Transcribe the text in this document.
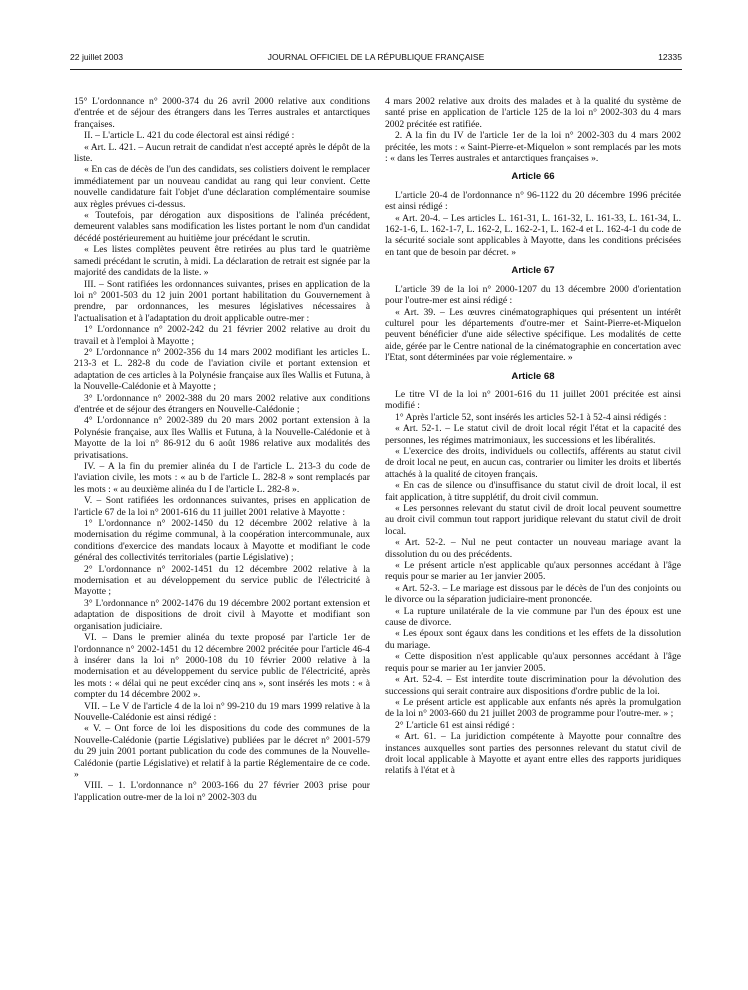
22 juillet 2003	JOURNAL OFFICIEL DE LA RÉPUBLIQUE FRANÇAISE	12335

15° L'ordonnance n° 2000-374 du 26 avril 2000 relative aux conditions d'entrée et de séjour des étrangers dans les Terres australes et antarctiques françaises.

II. – L'article L. 421 du code électoral est ainsi rédigé :

« Art. L. 421. – Aucun retrait de candidat n'est accepté après le dépôt de la liste.

« En cas de décès de l'un des candidats, ses colistiers doivent le remplacer immédiatement par un nouveau candidat au rang qui leur convient. Cette nouvelle candidature fait l'objet d'une déclaration complémentaire soumise aux règles prévues ci-dessus.

« Toutefois, par dérogation aux dispositions de l'alinéa précédent, demeurent valables sans modification les listes portant le nom d'un candidat décédé postérieurement au huitième jour précédant le scrutin.

« Les listes complètes peuvent être retirées au plus tard le quatrième samedi précédant le scrutin, à midi. La déclaration de retrait est signée par la majorité des candidats de la liste. »

III. – Sont ratifiées les ordonnances suivantes, prises en application de la loi n° 2001-503 du 12 juin 2001 portant habilitation du Gouvernement à prendre, par ordonnances, les mesures législatives nécessaires à l'actualisation et à l'adaptation du droit applicable outre-mer :

1° L'ordonnance n° 2002-242 du 21 février 2002 relative au droit du travail et à l'emploi à Mayotte ;

2° L'ordonnance n° 2002-356 du 14 mars 2002 modifiant les articles L. 213-3 et L. 282-8 du code de l'aviation civile et portant extension et adaptation de ces articles à la Polynésie française aux îles Wallis et Futuna, à la Nouvelle-Calédonie et à Mayotte ;

3° L'ordonnance n° 2002-388 du 20 mars 2002 relative aux conditions d'entrée et de séjour des étrangers en Nouvelle-Calédonie ;

4° L'ordonnance n° 2002-389 du 20 mars 2002 portant extension à la Polynésie française, aux îles Wallis et Futuna, à la Nouvelle-Calédonie et à Mayotte de la loi n° 86-912 du 6 août 1986 relative aux modalités des privatisations.

IV. – A la fin du premier alinéa du I de l'article L. 213-3 du code de l'aviation civile, les mots : « au b de l'article L. 282-8 » sont remplacés par les mots : « au deuxième alinéa du I de l'article L. 282-8 ».

V. – Sont ratifiées les ordonnances suivantes, prises en application de l'article 67 de la loi n° 2001-616 du 11 juillet 2001 relative à Mayotte :

1° L'ordonnance n° 2002-1450 du 12 décembre 2002 relative à la modernisation du régime communal, à la coopération intercommunale, aux conditions d'exercice des mandats locaux à Mayotte et modifiant le code général des collectivités territoriales (partie Législative) ;

2° L'ordonnance n° 2002-1451 du 12 décembre 2002 relative à la modernisation et au développement du service public de l'électricité à Mayotte ;

3° L'ordonnance n° 2002-1476 du 19 décembre 2002 portant extension et adaptation de dispositions de droit civil à Mayotte et modifiant son organisation judiciaire.

VI. – Dans le premier alinéa du texte proposé par l'article 1er de l'ordonnance n° 2002-1451 du 12 décembre 2002 précitée pour l'article 46-4 à insérer dans la loi n° 2000-108 du 10 février 2000 relative à la modernisation et au développement du service public de l'électricité, après les mots : « délai qui ne peut excéder cinq ans », sont insérés les mots : « à compter du 14 décembre 2002 ».

VII. – Le V de l'article 4 de la loi n° 99-210 du 19 mars 1999 relative à la Nouvelle-Calédonie est ainsi rédigé :

« V. – Ont force de loi les dispositions du code des communes de la Nouvelle-Calédonie (partie Législative) publiées par le décret n° 2001-579 du 29 juin 2001 portant publication du code des communes de la Nouvelle-Calédonie (partie Législative) et relatif à la partie Réglementaire de ce code. »

VIII. – 1. L'ordonnance n° 2003-166 du 27 février 2003 prise pour l'application outre-mer de la loi n° 2002-303 du

4 mars 2002 relative aux droits des malades et à la qualité du système de santé prise en application de l'article 125 de la loi n° 2002-303 du 4 mars 2002 précitée est ratifiée.

2. A la fin du IV de l'article 1er de la loi n° 2002-303 du 4 mars 2002 précitée, les mots : « Saint-Pierre-et-Miquelon » sont remplacés par les mots : « dans les Terres australes et antarctiques françaises ».

Article 66

L'article 20-4 de l'ordonnance n° 96-1122 du 20 décembre 1996 précitée est ainsi rédigé :

« Art. 20-4. – Les articles L. 161-31, L. 161-32, L. 161-33, L. 161-34, L. 162-1-6, L. 162-1-7, L. 162-2, L. 162-2-1, L. 162-4 et L. 162-4-1 du code de la sécurité sociale sont applicables à Mayotte, dans les conditions précisées en tant que de besoin par décret. »

Article 67

L'article 39 de la loi n° 2000-1207 du 13 décembre 2000 d'orientation pour l'outre-mer est ainsi rédigé :

« Art. 39. – Les œuvres cinématographiques qui présentent un intérêt culturel pour les départements d'outre-mer et Saint-Pierre-et-Miquelon peuvent bénéficier d'une aide sélective spécifique. Les modalités de cette aide, gérée par le Centre national de la cinématographie en concertation avec l'Etat, sont déterminées par voie réglementaire. »

Article 68

Le titre VI de la loi n° 2001-616 du 11 juillet 2001 précitée est ainsi modifié :

1° Après l'article 52, sont insérés les articles 52-1 à 52-4 ainsi rédigés :

« Art. 52-1. – Le statut civil de droit local régit l'état et la capacité des personnes, les régimes matrimoniaux, les successions et les libéralités.

« L'exercice des droits, individuels ou collectifs, afférents au statut civil de droit local ne peut, en aucun cas, contrarier ou limiter les droits et libertés attachés à la qualité de citoyen français.

« En cas de silence ou d'insuffisance du statut civil de droit local, il est fait application, à titre supplétif, du droit civil commun.

« Les personnes relevant du statut civil de droit local peuvent soumettre au droit civil commun tout rapport juridique relevant du statut civil de droit local.

« Art. 52-2. – Nul ne peut contacter un nouveau mariage avant la dissolution du ou des précédents.

« Le présent article n'est applicable qu'aux personnes accédant à l'âge requis pour se marier au 1er janvier 2005.

« Art. 52-3. – Le mariage est dissous par le décès de l'un des conjoints ou le divorce ou la séparation judiciaire-ment prononcée.

« La rupture unilatérale de la vie commune par l'un des époux est une cause de divorce.

« Les époux sont égaux dans les conditions et les effets de la dissolution du mariage.

« Cette disposition n'est applicable qu'aux personnes accédant à l'âge requis pour se marier au 1er janvier 2005.

« Art. 52-4. – Est interdite toute discrimination pour la dévolution des successions qui serait contraire aux dispositions d'ordre public de la loi.

« Le présent article est applicable aux enfants nés après la promulgation de la loi n° 2003-660 du 21 juillet 2003 de programme pour l'outre-mer. » ;

2° L'article 61 est ainsi rédigé :

« Art. 61. – La juridiction compétente à Mayotte pour connaître des instances auxquelles sont parties des personnes relevant du statut civil de droit local applicable à Mayotte et ayant entre elles des rapports juridiques relatifs à l'état et à
